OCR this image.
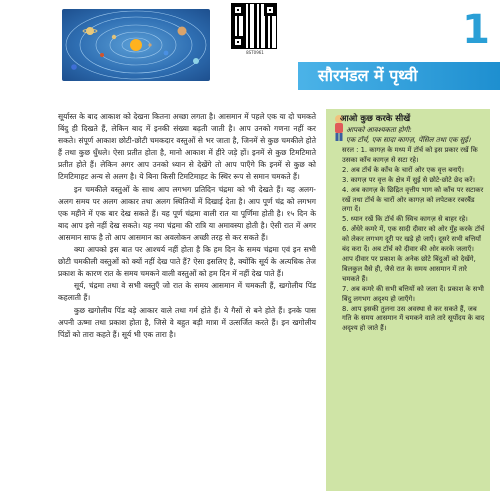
8ST0961	1
सौरमंडल में पृथ्वी

सूर्यास्त के बाद आकाश को देखना कितना अच्छा लगता है। आसमान में पहले एक या दो चमकते बिंदु ही दिखते हैं, लेकिन बाद में इनकी संख्या बढ़ती जाती है। आप उनको गणना नहीं कर सकते। संपूर्ण आकाश छोटी-छोटी चमकदार वस्तुओं से भर जाता है, जिनमें से कुछ चमकीले होते हैं तथा कुछ धुँधले। ऐसा प्रतीत होता है, मानो आकाश में हीरे जड़े हों। इनमें से कुछ टिमटिमाते प्रतीत होते हैं। लेकिन अगर आप उनको ध्यान से देखेंगे तो आप पाएँगे कि इनमें से कुछ को टिमटिमाहट अन्य से अलग है। ये बिना किसी टिमटिमाहट के स्थिर रूप से समान चमकते हैं।

इन चमकीले वस्तुओं के साथ आप लगभग प्रतिदिन चंद्रमा को भी देखते हैं। यह अलग-अलग समय पर अलग आकार तथा अलग स्थितियों में दिखाई देता है। आप पूर्ण चंद्र को लगभग एक महीने में एक बार देख सकते हैं। यह पूर्ण चंद्रमा वाली रात या पूर्णिमा होती है। १५ दिन के बाद आप इसे नहीं देख सकते। यह नया चंद्रमा की रात्रि या अमावस्या होती है। ऐसी रात में अगर आसमान साफ है तो आप आसमान का अवलोकन अच्छी तरह से कर सकते हैं।

क्या आपको इस बात पर आश्चर्य नहीं होता है कि हम दिन के समय चंद्रमा एवं इन सभी छोटी चमकीली वस्तुओं को क्यों नहीं देख पाते हैं? ऐसा इसलिए है, क्योंकि सूर्य के अत्यधिक तेज प्रकाश के कारण रात के समय चमकने वाली वस्तुओं को हम दिन में नहीं देख पाते हैं।

सूर्य, चंद्रमा तथा वे सभी वस्तुएँ जो रात के समय आसमान में चमकती हैं, खगोलीय पिंड कहलाती हैं।

कुछ खगोलीय पिंड बड़े आकार वाले तथा गर्म होते हैं। ये गैसों से बने होते हैं। इनके पास अपनी ऊष्मा तथा प्रकाश होता है, जिसे वे बहुत बड़ी मात्रा में उत्सर्जित करते हैं। इन खगोलीय पिंडों को तारा कहते हैं। सूर्य भी एक तारा है।

आओ कुछ करके सीखें
आपको आवश्यकता होगी:
एक टॉर्च, एक सादा कागज़, पेंसिल तथा एक सुई।

सरल : 1. कागज़ के मध्य में टॉर्च को इस प्रकार रखें कि उसका काँच कागज़ से सटा रहे।

2. अब टॉर्च के काँच के चारों ओर एक वृत्त बनाएँ।

3. कागज़ पर वृत्त के क्षेत्र में सुई से छोटे-छोटे छेद करें।

4. अब कागज़ के छिद्रित वृत्तीय भाग को काँच पर सटाकर रखें तथा टॉर्च के चारों ओर कागज़ को लपेटकर रबरबैंड लगा दें।

5. ध्यान रखें कि टॉर्च की स्विच कागज़ से बाहर रहे।

6. अँधेरे कमरे में, एक सादी दीवार को ओर मुँह करके टॉर्च को लेकर लगभग दूरी पर खड़े हो जाएँ। दूसरे सभी बत्तियाँ बंद करा दें। अब टॉर्च को दीवार की ओर करके जलाएँ। आप दीवार पर प्रकाश के अनेक छोटे बिंदुओं को देखेंगे, बिलकुल वैसे ही, जैसे रात के समय आसमान में तारे चमकते हैं।

7. अब कमरे की सभी बत्तियों को जला दें। प्रकाश के सभी बिंदु लगभग अदृश्य हो जाएँगे।

8. आप इसकी तुलना उस अवस्था से कर सकते हैं, जब गति के समय आसमान में चमकने वाले तारे सूर्योदय के बाद अदृश्य हो जाते हैं।
